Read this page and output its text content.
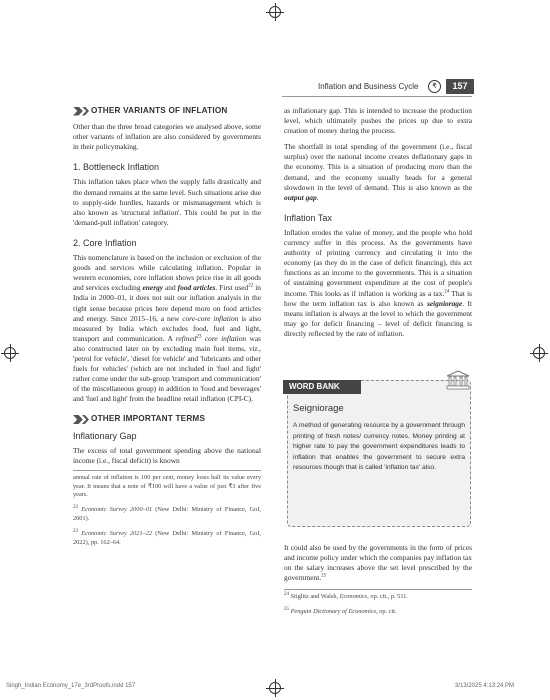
Inflation and Business Cycle	₹	157
OTHER VARIANTS OF INFLATION

Other than the three broad categories we analysed above, some other variants of inflation are also considered by governments in their policymaking.

1. Bottleneck Inflation

This inflation takes place when the supply falls drastically and the demand remains at the same level. Such situations arise due to supply-side hurdles, hazards or mismanagement which is also known as 'structural inflation'. This could be put in the 'demand-pull inflation' category.

2. Core Inflation

This nomenclature is based on the inclusion or exclusion of the goods and services while calculating inflation. Popular in western economies, core inflation shows price rise in all goods and services excluding energy and food articles. First used$^{22}$ in India in 2000–01, it does not suit our inflation analysis in the right sense because prices here depend more on food articles and energy. Since 2015–16, a new core-core inflation is also measured by India which excludes food, fuel and light, transport and communication. A refined$^{23}$ core inflation was also constructed later on by excluding main fuel items, viz., 'petrol for vehicle', 'diesel for vehicle' and 'lubricants and other fuels for vehicles' (which are not included in 'fuel and light' rather come under the sub-group 'transport and communication' of the miscellaneous group) in addition to 'food and beverages' and 'fuel and light' from the headline retail inflation (CPI-C).

OTHER IMPORTANT TERMS
Inflationary Gap

The excess of total government spending above the national income (i.e., fiscal deficit) is known

annual rate of inflation is 100 per cent, money loses half its value every year. It means that a note of ₹100 will have a value of just ₹3 after five years.

$^{22}$ Economic Survey 2000–01 (New Delhi: Ministry of Finance, GoI, 2001).

$^{23}$ Economic Survey 2021–22 (New Delhi: Ministry of Finance, GoI, 2022), pp. 162–64.

as inflationary gap. This is intended to increase the production level, which ultimately pushes the prices up due to extra creation of money during the process.

The shortfall in total spending of the government (i.e., fiscal surplus) over the national income creates deflationary gaps in the economy. This is a situation of producing more than the demand, and the economy usually heads for a general slowdown in the level of demand. This is also known as the output gap.

Inflation Tax

Inflation erodes the value of money, and the people who hold currency suffer in this process. As the governments have authority of printing currency and circulating it into the economy (as they do in the case of deficit financing), this act functions as an income to the governments. This is a situation of sustaining government expenditure at the cost of people's income. This looks as if inflation is working as a tax.$^{24}$ That is how the term inflation tax is also known as seigniorage. It means inflation is always at the level to which the government may go for deficit financing – level of deficit financing is directly reflected by the rate of inflation.

WORD BANK
Seigniorage
A method of generating resource by a government through printing of fresh notes/ currency notes. Money printing at higher rate to pay the government expenditures leads to inflation that enables the government to secure extra resources though that is called 'inflation tax' also.

It could also be used by the governments in the form of prices and income policy under which the companies pay inflation tax on the salary increases above the set level prescribed by the government.$^{25}$

$^{24}$ Stiglitz and Walsh, Economics, op. cit., p. 511.

$^{25}$ Penguin Dictionary of Economics, op. cit.

Singh_Indian Economy_17e_3rdProofs.indd 157	3/13/2025 4:13:24 PM
